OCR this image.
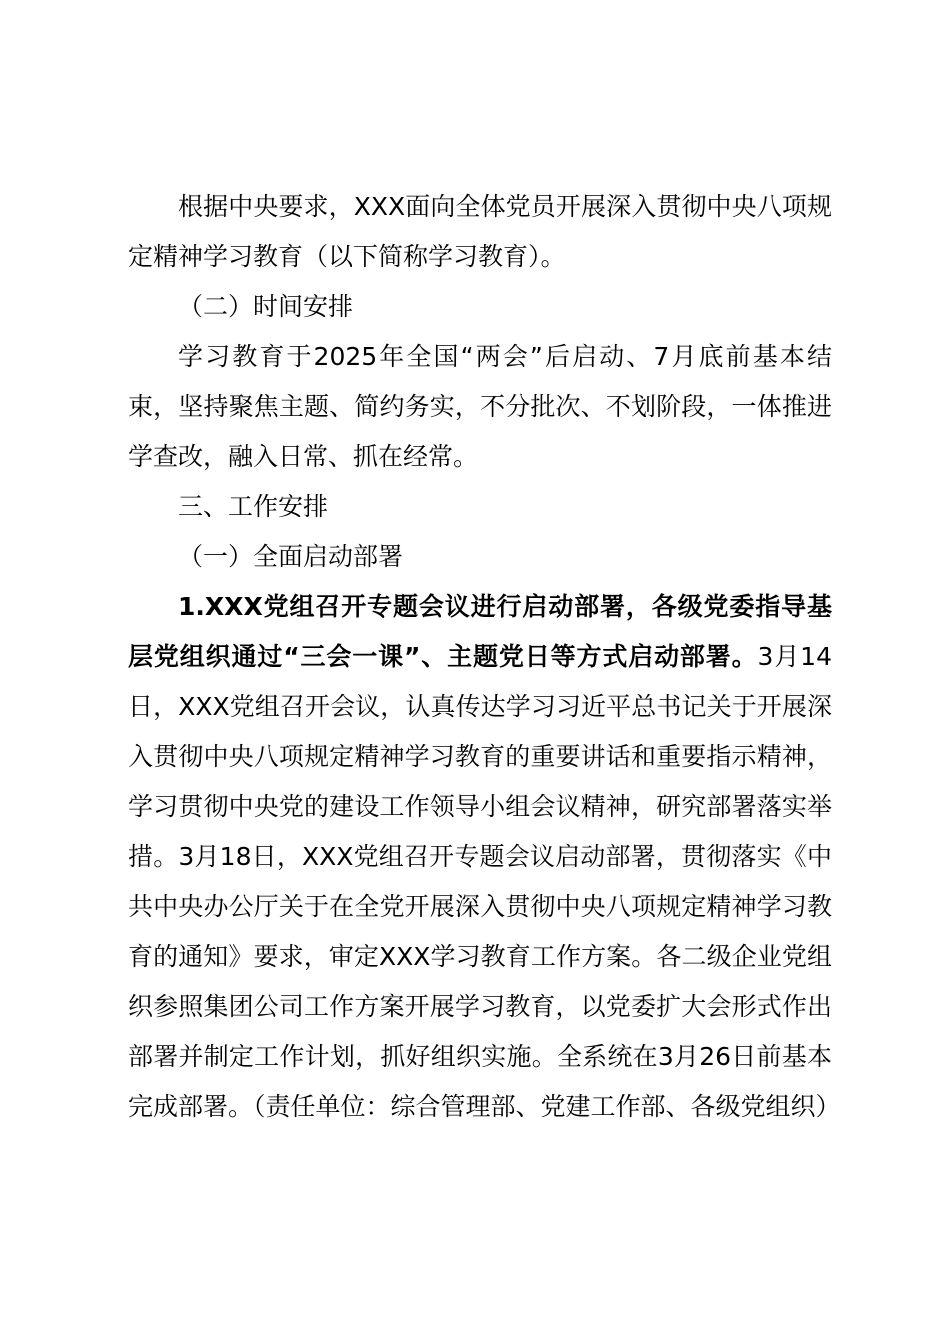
根据中央要求，XXX面向全体党员开展深入贯彻中央八项规定精神学习教育（以下简称学习教育）。

（二）时间安排

学习教育于2025年全国“两会”后启动、7月底前基本结束，坚持聚焦主题、简约务实，不分批次、不划阶段，一体推进学查改，融入日常、抓在经常。

三、工作安排

（一）全面启动部署

1.XXX党组召开专题会议进行启动部署，各级党委指导基层党组织通过“三会一课”、主题党日等方式启动部署。3月14日，XXX党组召开会议，认真传达学习习近平总书记关于开展深入贯彻中央八项规定精神学习教育的重要讲话和重要指示精神，学习贯彻中央党的建设工作领导小组会议精神，研究部署落实举措。3月18日，XXX党组召开专题会议启动部署，贯彻落实《中共中央办公厅关于在全党开展深入贯彻中央八项规定精神学习教育的通知》要求，审定XXX学习教育工作方案。各二级企业党组织参照集团公司工作方案开展学习教育，以党委扩大会形式作出部署并制定工作计划，抓好组织实施。全系统在3月26日前基本完成部署。（责任单位：综合管理部、党建工作部、各级党组织）
